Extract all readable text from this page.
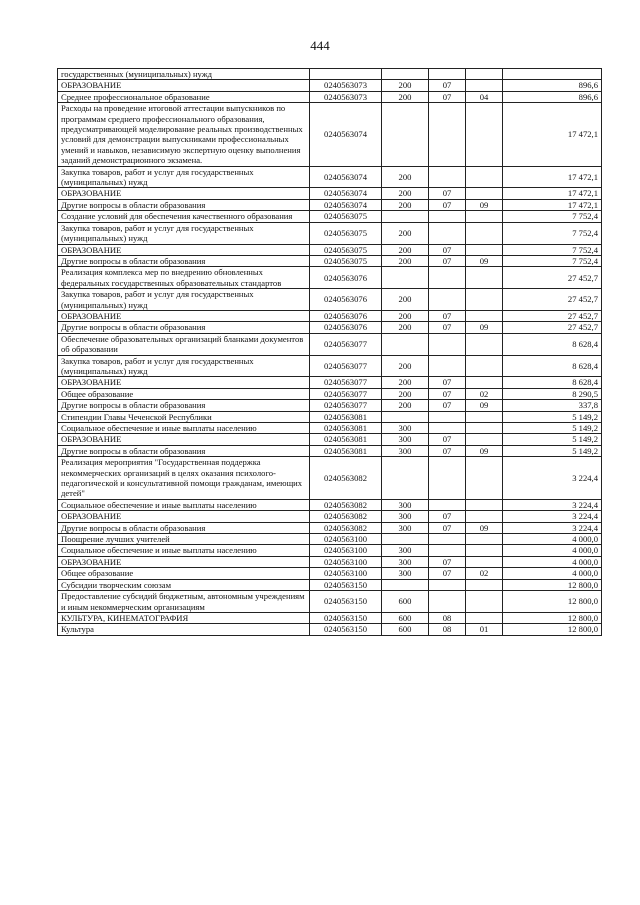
444
государственных (муниципальных) нужд					
ОБРАЗОВАНИЕ	0240563073	200	07		896,6
Среднее профессиональное образование	0240563073	200	07	04	896,6
Расходы на проведение итоговой аттестации выпускников по программам среднего профессионального образования, предусматривающей моделирование реальных производственных условий для демонстрации выпускниками профессиональных умений и навыков, независимую экспертную оценку выполнения заданий демонстрационного экзамена.	0240563074				17 472,1
Закупка товаров, работ и услуг для государственных (муниципальных) нужд	0240563074	200			17 472,1
ОБРАЗОВАНИЕ	0240563074	200	07		17 472,1
Другие вопросы в области образования	0240563074	200	07	09	17 472,1
Создание условий для обеспечения качественного образования	0240563075				7 752,4
Закупка товаров, работ и услуг для государственных (муниципальных) нужд	0240563075	200			7 752,4
ОБРАЗОВАНИЕ	0240563075	200	07		7 752,4
Другие вопросы в области образования	0240563075	200	07	09	7 752,4
Реализация комплекса мер по внедрению обновленных федеральных государственных образовательных стандартов	0240563076				27 452,7
Закупка товаров, работ и услуг для государственных (муниципальных) нужд	0240563076	200			27 452,7
ОБРАЗОВАНИЕ	0240563076	200	07		27 452,7
Другие вопросы в области образования	0240563076	200	07	09	27 452,7
Обеспечение образовательных организаций бланками документов об образовании	0240563077				8 628,4
Закупка товаров, работ и услуг для государственных (муниципальных) нужд	0240563077	200			8 628,4
ОБРАЗОВАНИЕ	0240563077	200	07		8 628,4
Общее образование	0240563077	200	07	02	8 290,5
Другие вопросы в области образования	0240563077	200	07	09	337,8
Стипендии Главы Чеченской Республики	0240563081				5 149,2
Социальное обеспечение и иные выплаты населению	0240563081	300			5 149,2
ОБРАЗОВАНИЕ	0240563081	300	07		5 149,2
Другие вопросы в области образования	0240563081	300	07	09	5 149,2
Реализация мероприятия "Государственная поддержка некоммерческих организаций в целях оказания психолого-педагогической и консультативной помощи гражданам, имеющих детей"	0240563082				3 224,4
Социальное обеспечение и иные выплаты населению	0240563082	300			3 224,4
ОБРАЗОВАНИЕ	0240563082	300	07		3 224,4
Другие вопросы в области образования	0240563082	300	07	09	3 224,4
Поощрение лучших учителей	0240563100				4 000,0
Социальное обеспечение и иные выплаты населению	0240563100	300			4 000,0
ОБРАЗОВАНИЕ	0240563100	300	07		4 000,0
Общее образование	0240563100	300	07	02	4 000,0
Субсидии творческим союзам	0240563150				12 800,0
Предоставление субсидий бюджетным, автономным учреждениям и иным некоммерческим организациям	0240563150	600			12 800,0
КУЛЬТУРА, КИНЕМАТОГРАФИЯ	0240563150	600	08		12 800,0
Культура	0240563150	600	08	01	12 800,0
